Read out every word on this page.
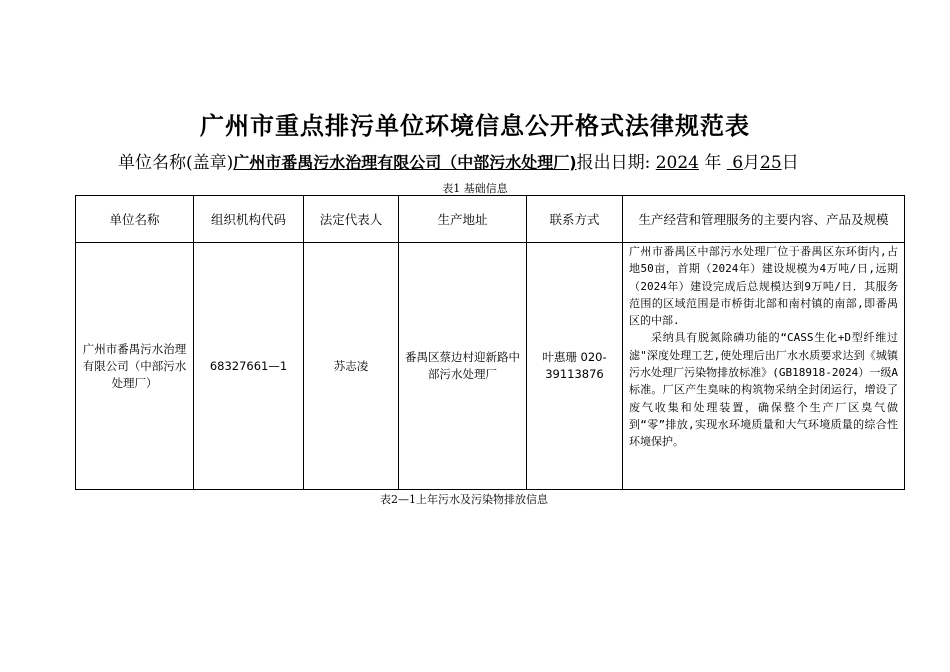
广州市重点排污单位环境信息公开格式法律规范表
单位名称(盖章)广州市番禺污水治理有限公司（中部污水处理厂)报出日期: 2024 年 6月25日
表1 基础信息
单位名称	组织机构代码	法定代表人	生产地址	联系方式	生产经营和管理服务的主要内容、产品及规模
广州市番禺污水治理有限公司（中部污水处理厂）	68327661—1	苏志凌	番禺区蔡边村迎新路中部污水处理厂	叶惠珊 020-39113876	广州市番禺区中部污水处理厂位于番禺区东环街内,占地50亩，首期（2024年）建设规模为4万吨/日,远期（2024年）建设完成后总规模达到9万吨/日．其服务范围的区域范围是市桥街北部和南村镇的南部,即番禺区的中部.

采纳具有脱氮除磷功能的“CASS生化+D型纤维过滤"深度处理工艺,使处理后出厂水水质要求达到《城镇污水处理厂污染物排放标准》(GB18918-2024）一级A标准。厂区产生臭味的构筑物采纳全封闭运行，增设了废气收集和处理装置，确保整个生产厂区臭气做到“零”排放,实现水环境质量和大气环境质量的综合性环境保护。

表2—1上年污水及污染物排放信息
